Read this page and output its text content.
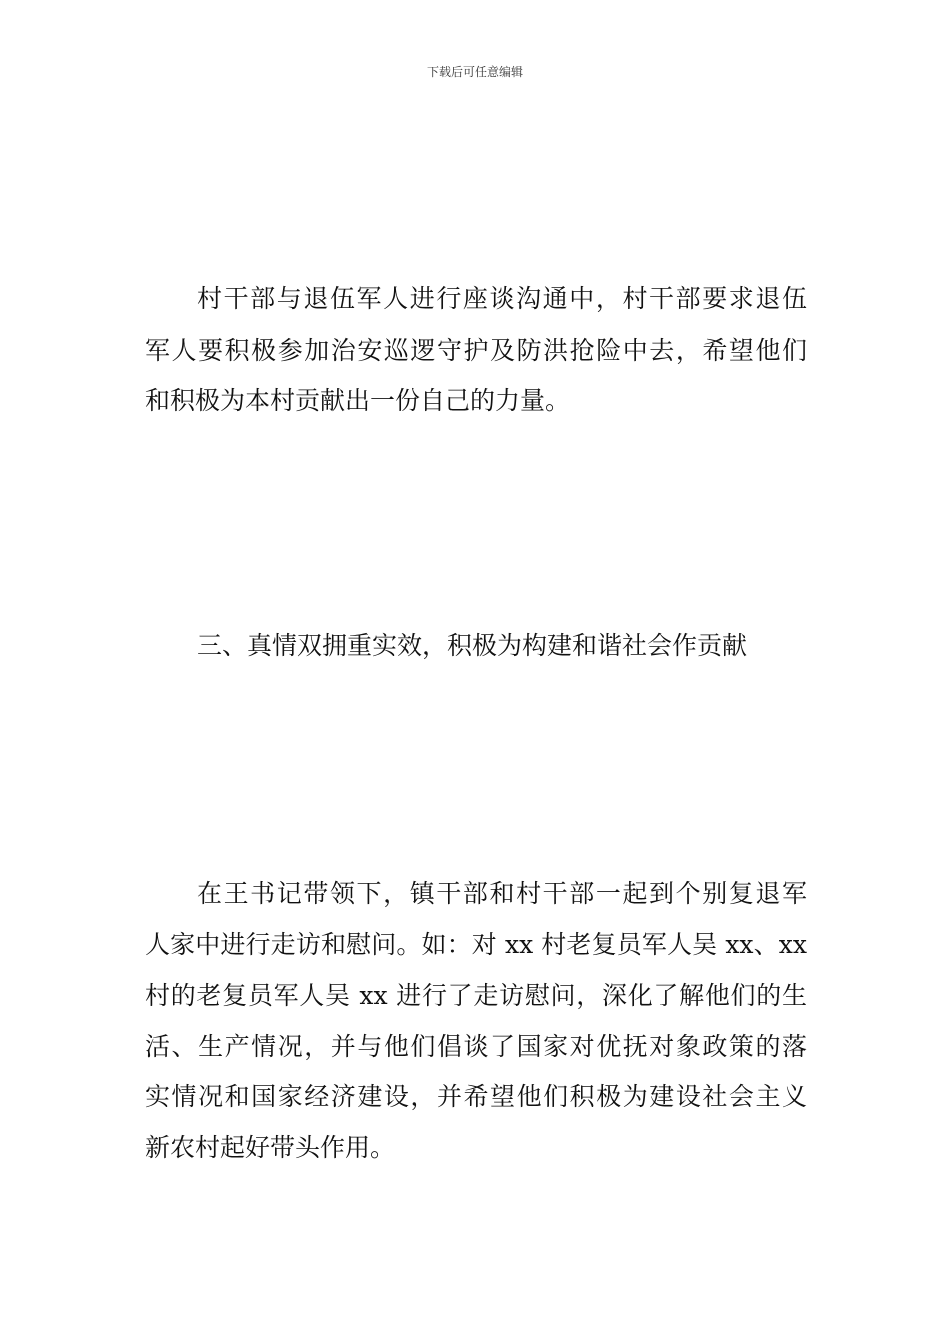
下载后可任意编辑
村干部与退伍军人进行座谈沟通中，村干部要求退伍
军人要积极参加治安巡逻守护及防洪抢险中去，希望他们
和积极为本村贡献出一份自己的力量。
三、真情双拥重实效，积极为构建和谐社会作贡献
在王书记带领下，镇干部和村干部一起到个别复退军
人家中进行走访和慰问。如：对 xx 村老复员军人吴 xx、xx
村的老复员军人吴 xx 进行了走访慰问，深化了解他们的生
活、生产情况，并与他们倡谈了国家对优抚对象政策的落
实情况和国家经济建设，并希望他们积极为建设社会主义
新农村起好带头作用。
